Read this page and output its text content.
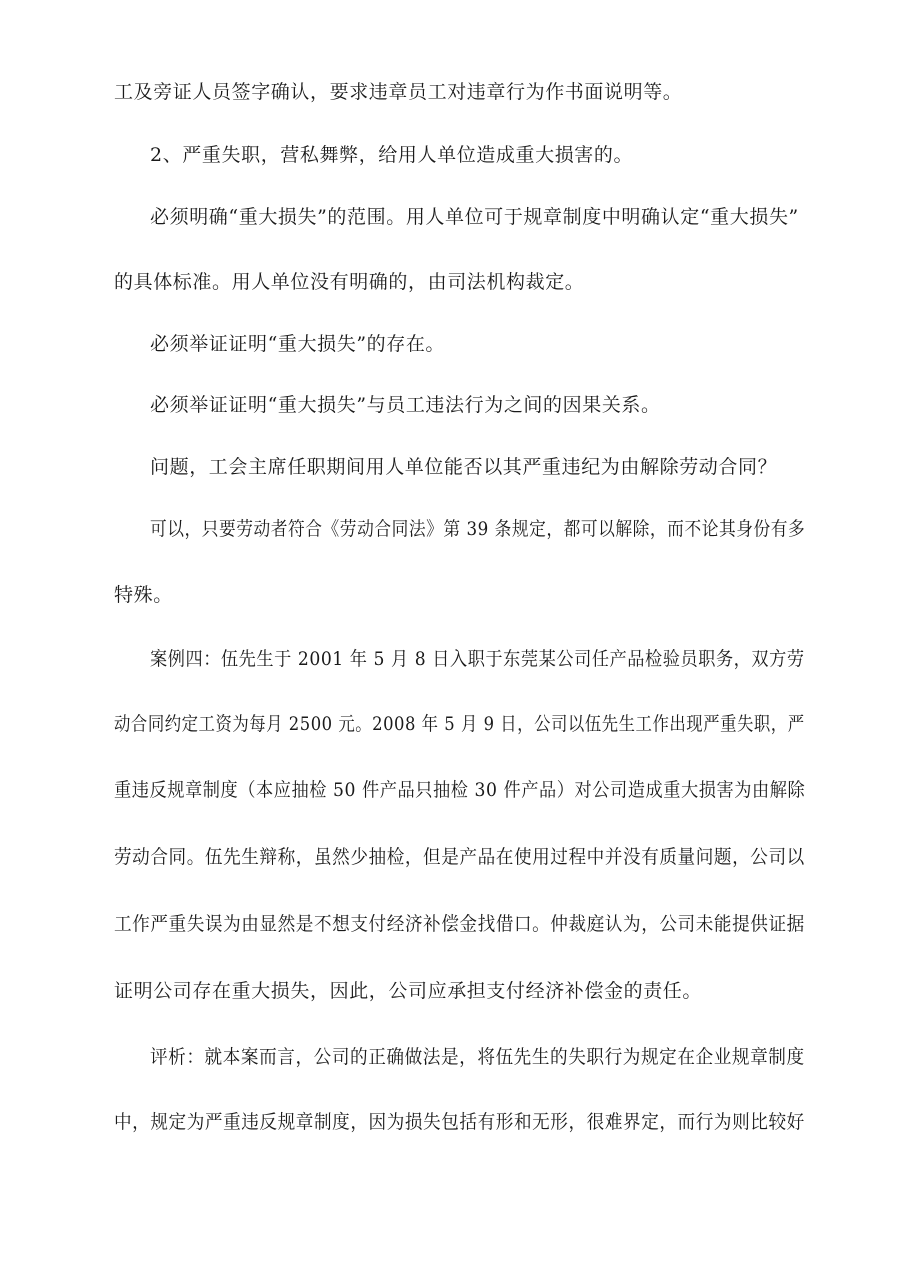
工及旁证人员签字确认，要求违章员工对违章行为作书面说明等。
2、严重失职，营私舞弊，给用人单位造成重大损害的。
必须明确“重大损失”的范围。用人单位可于规章制度中明确认定“重大损失”
的具体标准。用人单位没有明确的，由司法机构裁定。
必须举证证明“重大损失”的存在。
必须举证证明“重大损失”与员工违法行为之间的因果关系。
问题，工会主席任职期间用人单位能否以其严重违纪为由解除劳动合同？
可以，只要劳动者符合《劳动合同法》第 39 条规定，都可以解除，而不论其身份有多
特殊。
案例四：伍先生于 2001 年 5 月 8 日入职于东莞某公司任产品检验员职务，双方劳
动合同约定工资为每月 2500 元。2008 年 5 月 9 日，公司以伍先生工作出现严重失职，严
重违反规章制度（本应抽检 50 件产品只抽检 30 件产品）对公司造成重大损害为由解除
劳动合同。伍先生辩称，虽然少抽检，但是产品在使用过程中并没有质量问题，公司以
工作严重失误为由显然是不想支付经济补偿金找借口。仲裁庭认为，公司未能提供证据
证明公司存在重大损失，因此，公司应承担支付经济补偿金的责任。
评析：就本案而言，公司的正确做法是，将伍先生的失职行为规定在企业规章制度
中，规定为严重违反规章制度，因为损失包括有形和无形，很难界定，而行为则比较好
